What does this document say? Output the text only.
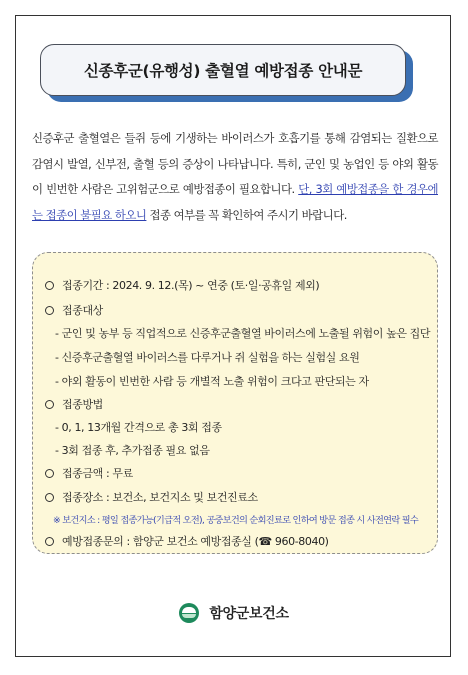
신종후군(유행성) 출혈열 예방접종 안내문
신증후군 출혈열은 들쥐 등에 기생하는 바이러스가 호흡기를 통해 감염되는 질환으로 감염시 발열, 신부전, 출혈 등의 증상이 나타납니다. 특히, 군인 및 농업인 등 야외 활동이 빈번한 사람은 고위험군으로 예방접종이 필요합니다. 단, 3회 예방접종을 한 경우에는 접종이 불필요 하오니 접종 여부를 꼭 확인하여 주시기 바랍니다.
접종기간 : 2024. 9. 12.(목) ~ 연중 (토·일·공휴일 제외)
접종대상
- 군인 및 농부 등 직업적으로 신증후군출혈열 바이러스에 노출될 위험이 높은 집단
- 신증후군출혈열 바이러스를 다루거나 쥐 실험을 하는 실험실 요원
- 야외 활동이 빈번한 사람 등 개별적 노출 위험이 크다고 판단되는 자
접종방법
- 0, 1, 13개월 간격으로 총 3회 접종
- 3회 접종 후, 추가접종 필요 없음
접종금액 : 무료
접종장소 : 보건소, 보건지소 및 보건진료소
※ 보건지소 : 평일 접종가능(기급적 오전), 공중보건의 순회진료로 인하여 방문 접종 시 사전연락 필수
예방접종문의 : 함양군 보건소 예방접종실 (☎ 960-8040)
함양군보건소
